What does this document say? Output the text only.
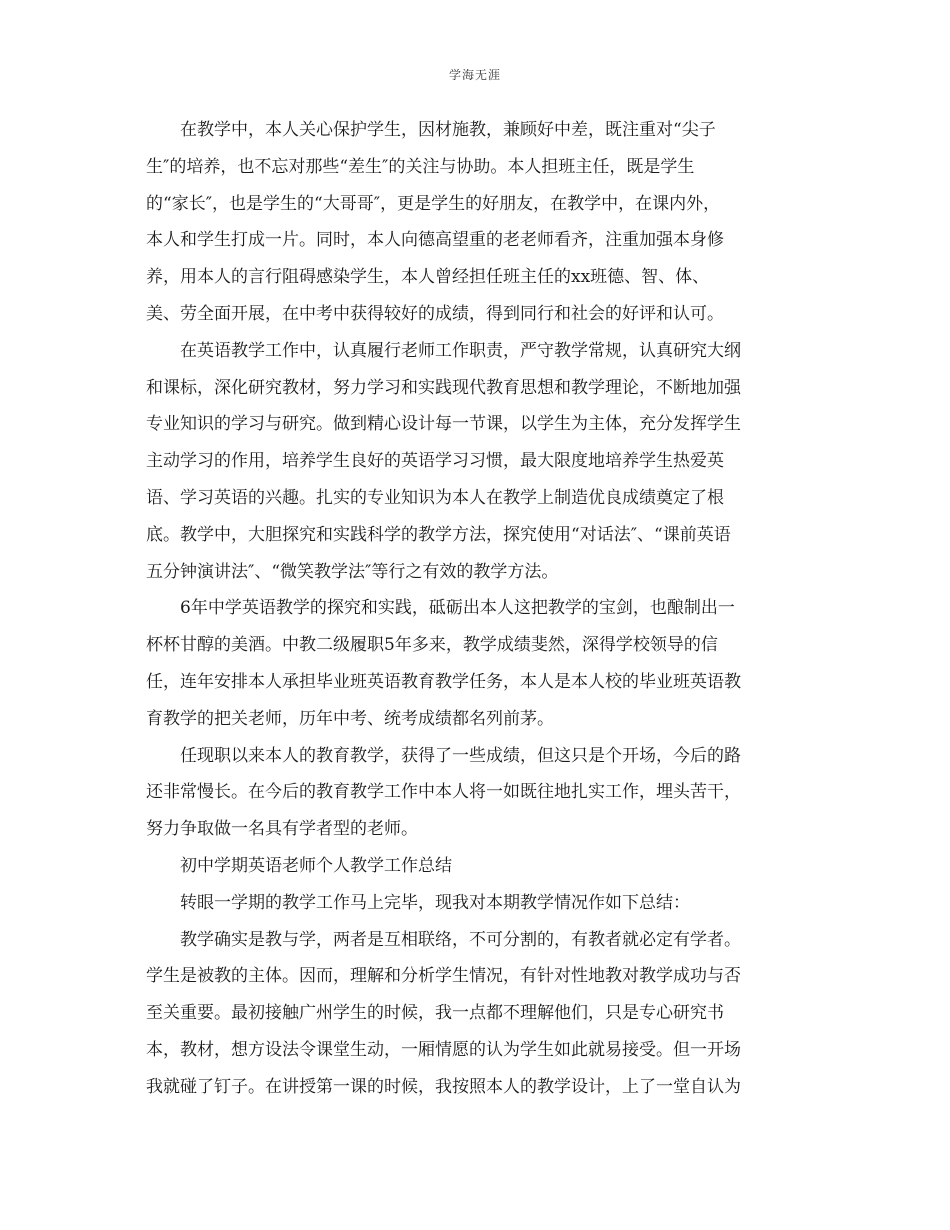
学海无涯
在教学中，本人关心保护学生，因材施教，兼顾好中差，既注重对“尖子
生″的培养，也不忘对那些“差生″的关注与协助。本人担班主任，既是学生
的“家长″，也是学生的“大哥哥″，更是学生的好朋友，在教学中，在课内外，
本人和学生打成一片。同时，本人向德高望重的老老师看齐，注重加强本身修
养，用本人的言行阻碍感染学生，本人曾经担任班主任的xx班德、智、体、
美、劳全面开展，在中考中获得较好的成绩，得到同行和社会的好评和认可。
在英语教学工作中，认真履行老师工作职责，严守教学常规，认真研究大纲
和课标，深化研究教材，努力学习和实践现代教育思想和教学理论，不断地加强
专业知识的学习与研究。做到精心设计每一节课，以学生为主体，充分发挥学生
主动学习的作用，培养学生良好的英语学习习惯，最大限度地培养学生热爱英
语、学习英语的兴趣。扎实的专业知识为本人在教学上制造优良成绩奠定了根
底。教学中，大胆探究和实践科学的教学方法，探究使用“对话法″、“课前英语
五分钟演讲法″、“微笑教学法″等行之有效的教学方法。
6年中学英语教学的探究和实践，砥砺出本人这把教学的宝剑，也酿制出一
杯杯甘醇的美酒。中教二级履职5年多来，教学成绩斐然，深得学校领导的信
任，连年安排本人承担毕业班英语教育教学任务，本人是本人校的毕业班英语教
育教学的把关老师，历年中考、统考成绩都名列前茅。
任现职以来本人的教育教学，获得了一些成绩，但这只是个开场，今后的路
还非常慢长。在今后的教育教学工作中本人将一如既往地扎实工作，埋头苦干，
努力争取做一名具有学者型的老师。
初中学期英语老师个人教学工作总结
转眼一学期的教学工作马上完毕，现我对本期教学情况作如下总结：
教学确实是教与学，两者是互相联络，不可分割的，有教者就必定有学者。
学生是被教的主体。因而，理解和分析学生情况，有针对性地教对教学成功与否
至关重要。最初接触广州学生的时候，我一点都不理解他们，只是专心研究书
本，教材，想方设法令课堂生动，一厢情愿的认为学生如此就易接受。但一开场
我就碰了钉子。在讲授第一课的时候，我按照本人的教学设计，上了一堂自认为
